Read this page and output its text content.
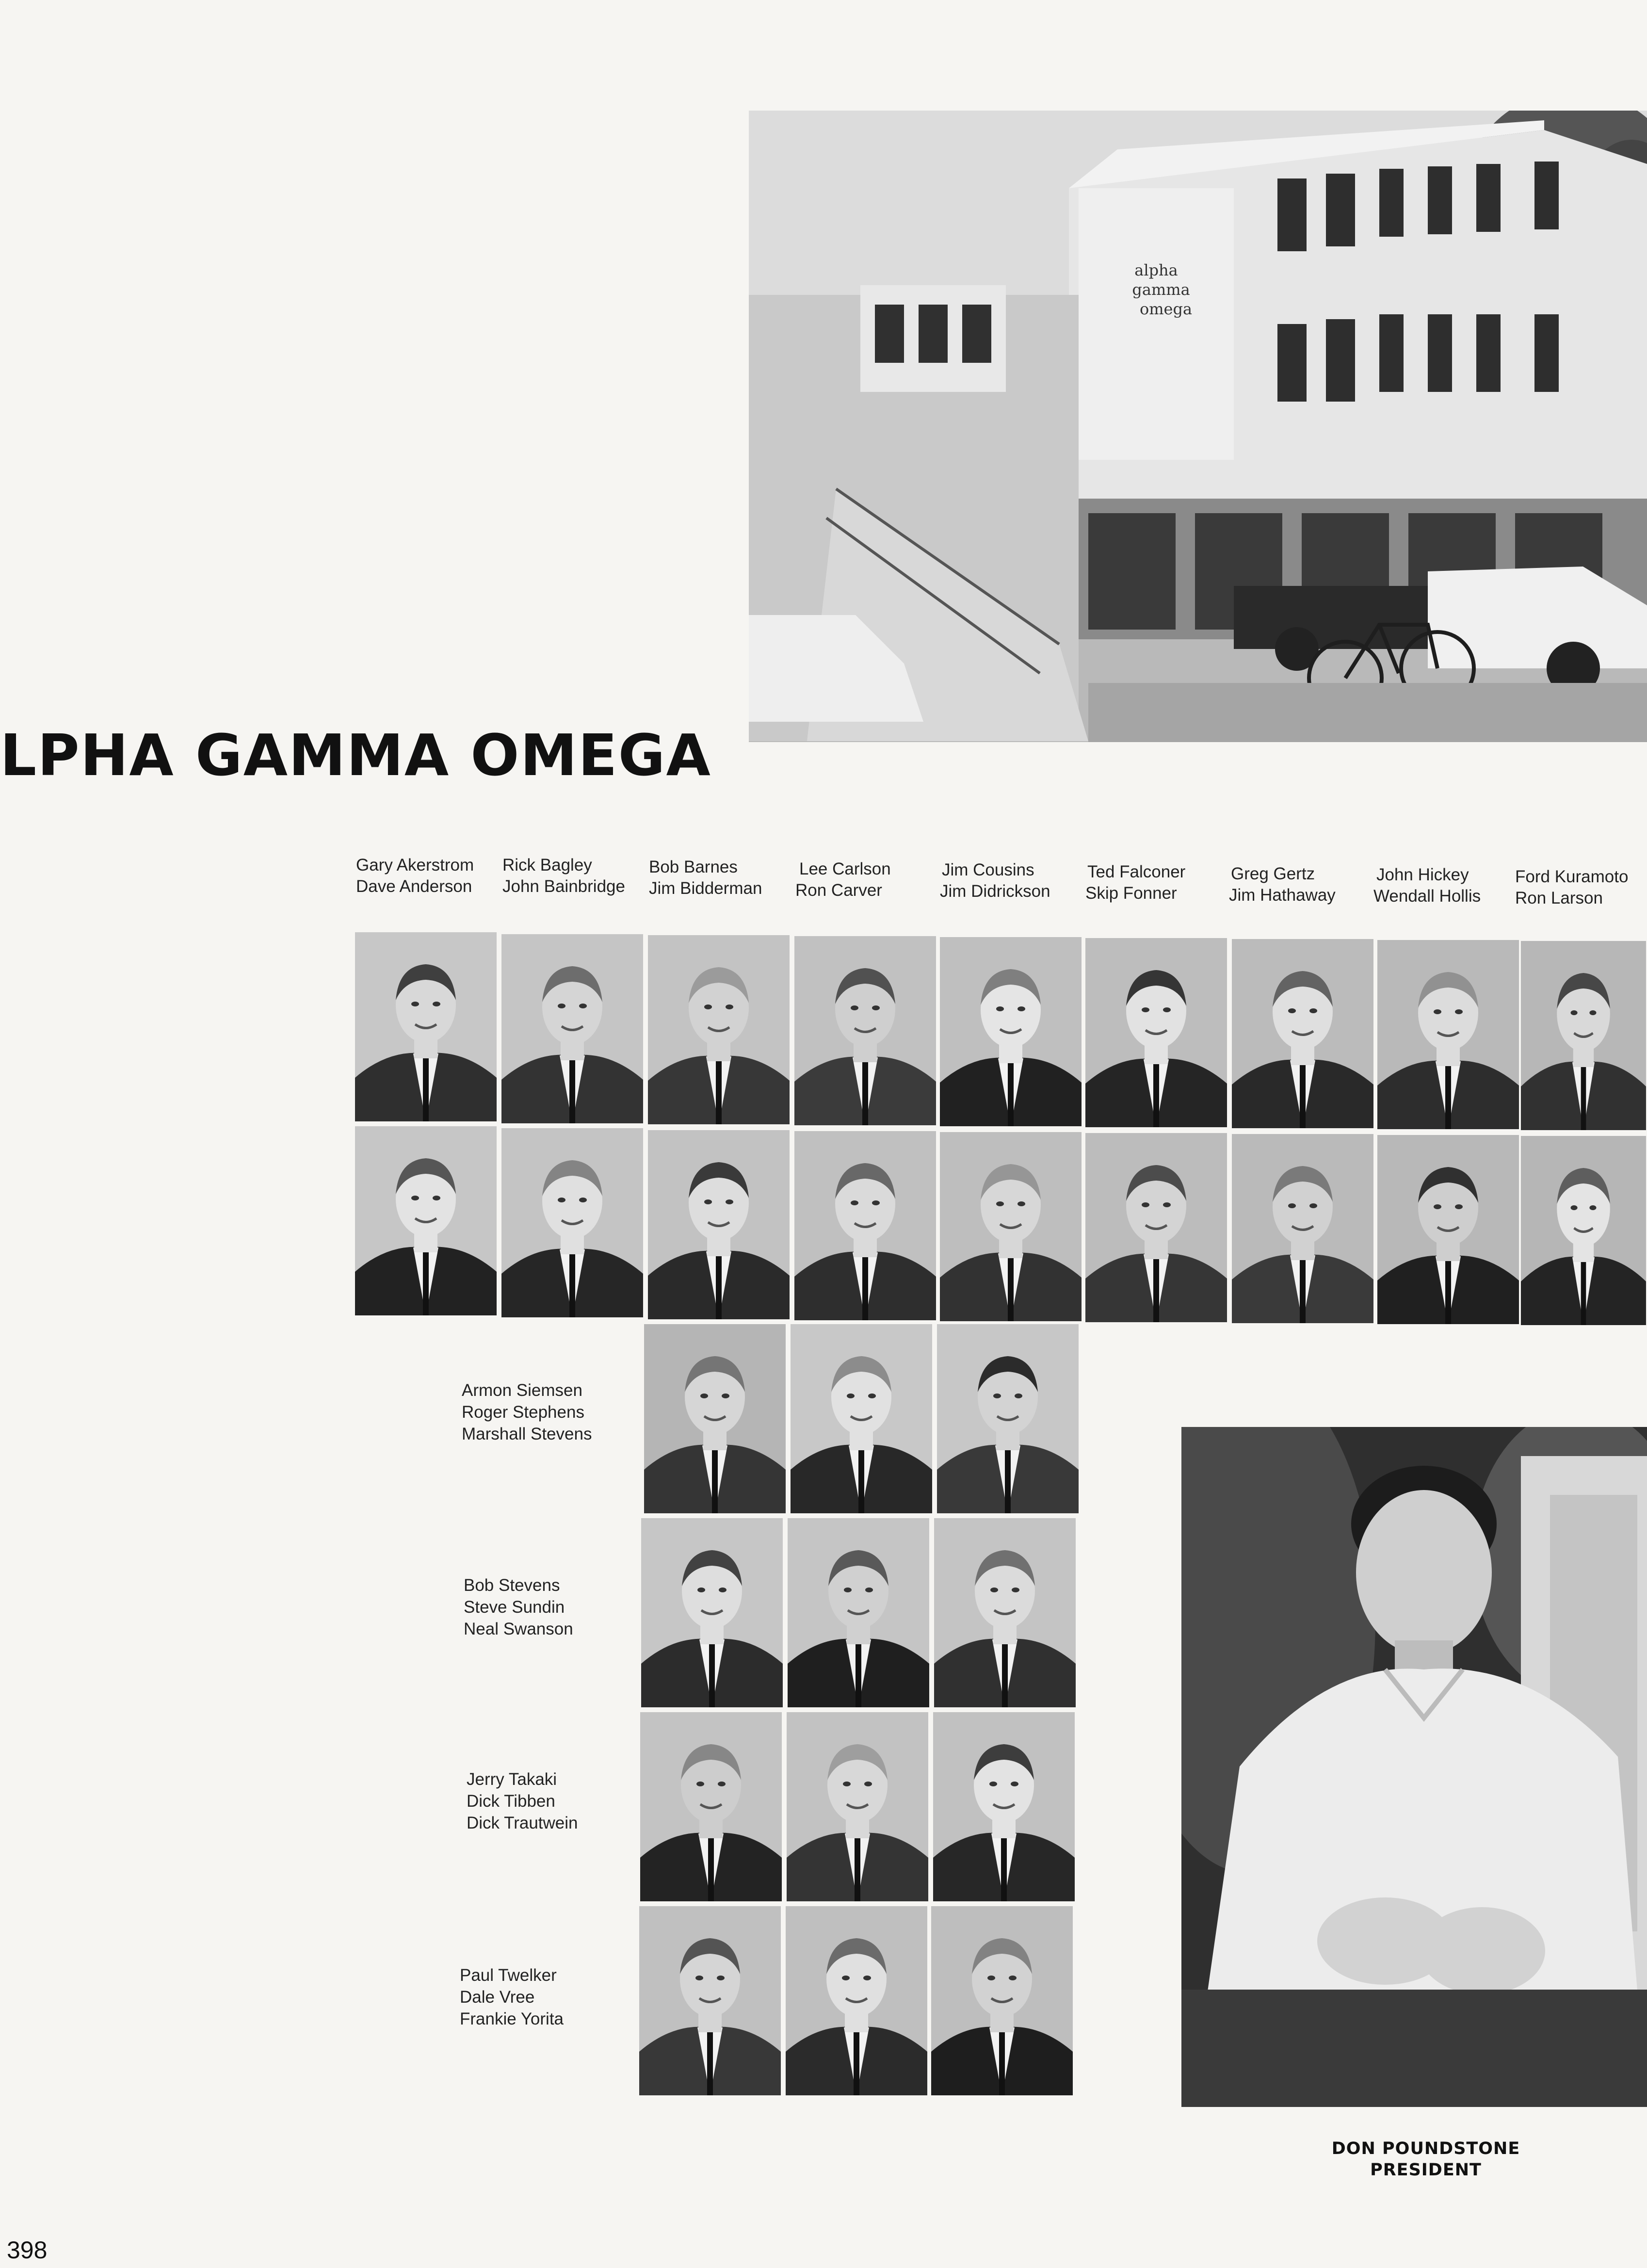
alpha
gamma
omega
LPHA GAMMA OMEGA
Gary Akerstrom
Dave Anderson
Rick Bagley
John Bainbridge
Bob Barnes
Jim Bidderman
Lee Carlson
Ron Carver
Jim Cousins
Jim Didrickson
Ted Falconer
Skip Fonner
Greg Gertz
Jim Hathaway
John Hickey
Wendall Hollis
Ford Kuramoto
Ron Larson
Armon Siemsen
Roger Stephens
Marshall Stevens
Bob Stevens
Steve Sundin
Neal Swanson
Jerry Takaki
Dick Tibben
Dick Trautwein
Paul Twelker
Dale Vree
Frankie Yorita
DON POUNDSTONE
PRESIDENT
398
